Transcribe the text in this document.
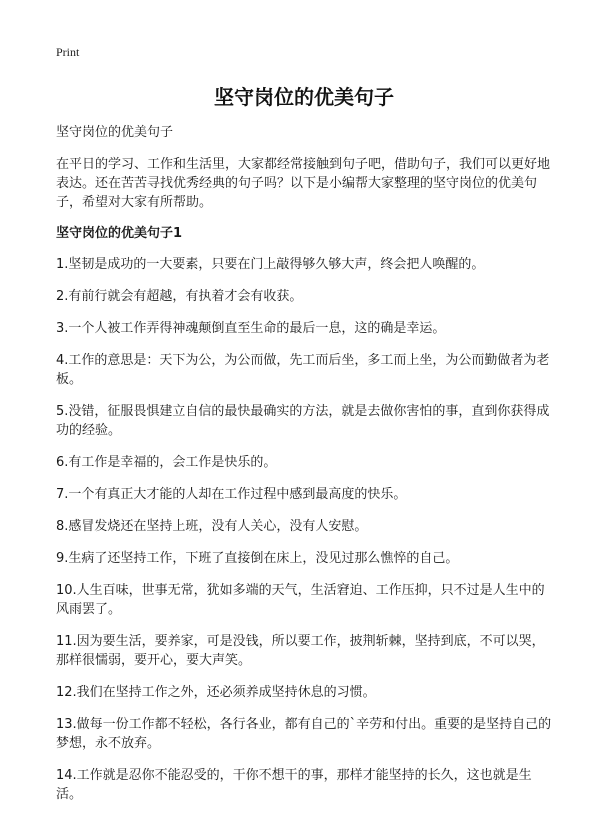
Print
坚守岗位的优美句子
坚守岗位的优美句子
在平日的学习、工作和生活里，大家都经常接触到句子吧，借助句子，我们可以更好地表达。还在苦苦寻找优秀经典的句子吗？以下是小编帮大家整理的坚守岗位的优美句子，希望对大家有所帮助。
坚守岗位的优美句子1
1.坚韧是成功的一大要素，只要在门上敲得够久够大声，终会把人唤醒的。
2.有前行就会有超越，有执着才会有收获。
3.一个人被工作弄得神魂颠倒直至生命的最后一息，这的确是幸运。
4.工作的意思是：天下为公，为公而做，先工而后坐，多工而上坐，为公而勤做者为老板。
5.没错，征服畏惧建立自信的最快最确实的方法，就是去做你害怕的事，直到你获得成功的经验。
6.有工作是幸福的，会工作是快乐的。
7.一个有真正大才能的人却在工作过程中感到最高度的快乐。
8.感冒发烧还在坚持上班，没有人关心，没有人安慰。
9.生病了还坚持工作，下班了直接倒在床上，没见过那么憔悴的自己。
10.人生百味，世事无常，犹如多端的天气，生活窘迫、工作压抑，只不过是人生中的风雨罢了。
11.因为要生活，要养家，可是没钱，所以要工作，披荆斩棘，坚持到底，不可以哭，那样很懦弱，要开心，要大声笑。
12.我们在坚持工作之外，还必须养成坚持休息的习惯。
13.做每一份工作都不轻松，各行各业，都有自己的`辛劳和付出。重要的是坚持自己的梦想，永不放弃。
14.工作就是忍你不能忍受的，干你不想干的事，那样才能坚持的长久，这也就是生活。
